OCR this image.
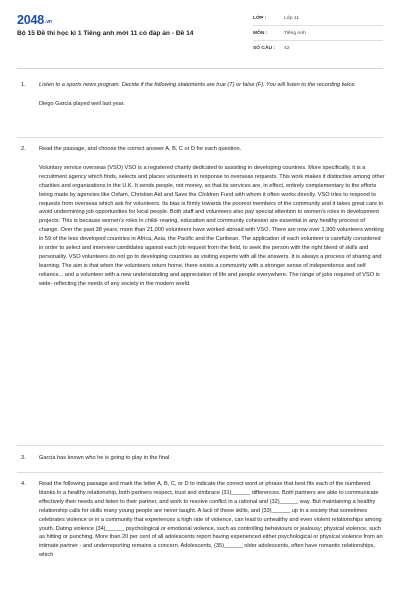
$2048^{.vn}$
Bộ 15 Đề thi học kì 1 Tiếng anh mới 11 có đáp án - Đề 14
LỚP :	Lớp 11
MÔN :	Tiếng Anh
SỐ CÂU : 42
1. Listen to a sports news program. Decide if the following statements are true (T) or false (F). You will listen to the recording twice.

Diego Garcia played well last year.

2. Read the passage, and choose the correct answer A, B, C or D for each question.

Voluntary service overseas (VSO) VSO is a registered charity dedicated to assisting in developing countries. More specifically, it is a recruitment agency which finds, selects and places volunteers in response to overseas requests. This work makes it distinctive among other charities and organizations in the U.K. It sends people, not money, so that its services are, in effect, entirely complementary to the efforts being made by agencies like Oxfam, Christian Aid and Save the Children Fund with whom it often works directly. VSO tries to respond to requests from overseas which ask for volunteers. Its bias is firmly towards the poorest members of the community and it takes great care to avoid undermining job opportunities for local people. Both staff and volunteers also pay special attention to women's roles in development projects. This is because women's roles in child- rearing, education and community cohesion are essential in any healthy process of change. Over the past 38 years, more than 21,000 volunteers have worked abroad with VSO. There are now over 1,900 volunteers working in 59 of the less developed countries in Africa, Asia, the Pacific and the Caribean. The application of each volunteer is carefully considered in order to select and interview candidates against each job request from the field, to seek the person with the right blend of skills and personality. VSO volunteers do not go to developing countries as visiting experts with all the answers. It is always a process of sharing and learning. The aim is that when the volunteers return home, there exists a community with a stronger sense of independence and self reliance... and a volunteer with a new understanding and appreciation of life and people everywhere. The range of jobs required of VSO is wide- reflecting the needs of any society in the modern world.

3. Garcia has known who he is going to play in the final.

4. Read the following passage and mark the letter A, B, C, or D to indicate the correct word or phrase that best fits each of the numbered blanks.In a healthy relationship, both partners respect, trust and embrace (31)______ differences. Both partners are able to communicate effectively their needs and listen to their partner, and work to resolve conflict in a rational and (32)______ way. But maintaining a healthy relationship calls for skills many young people are never taught. A lack of these skills, and (33)______ up in a society that sometimes celebrates violence or in a community that experiences a high rate of violence, can lead to unhealthy and even violent relationships among youth. Dating violence (34)______ psychological or emotional violence, such as controlling behaviours or jealousy; physical violence, such as hitting or punching. More than 20 per cent of all adolescents report having experienced either psychological or physical violence from an intimate partner - and underreporting remains a concern. Adolescents, (35)______ older adolescents, often have romantic relationships, which
